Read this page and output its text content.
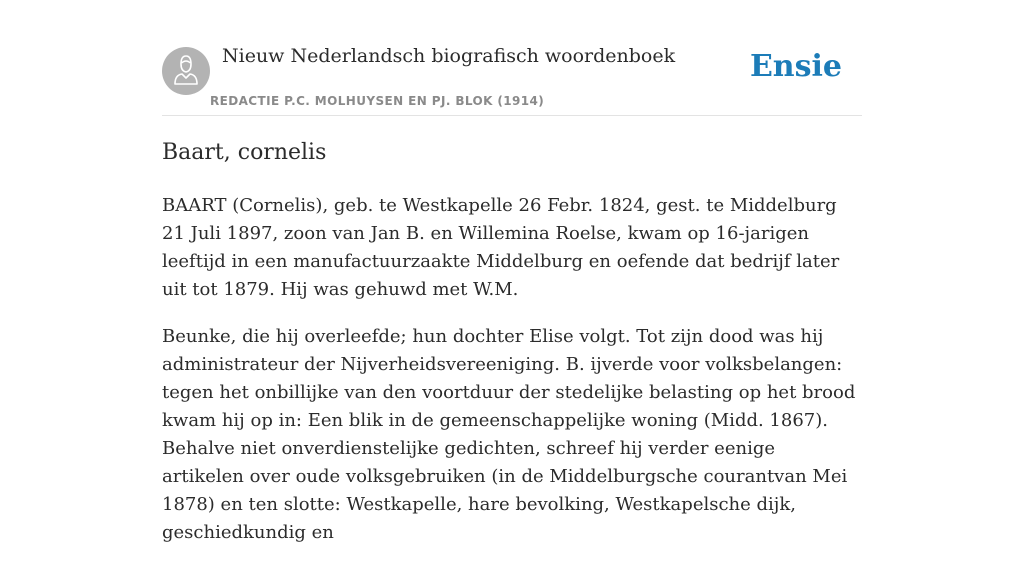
Nieuw Nederlandsch biografisch woordenboek
REDACTIE P.C. MOLHUYSEN EN PJ. BLOK (1914)
Ensie
Baart, cornelis

BAART (Cornelis), geb. te Westkapelle 26 Febr. 1824, gest. te Middelburg 21 Juli 1897, zoon van Jan B. en Willemina Roelse, kwam op 16-jarigen leeftijd in een manufactuurzaakte Middelburg en oefende dat bedrijf later uit tot 1879. Hij was gehuwd met W.M.

Beunke, die hij overleefde; hun dochter Elise volgt. Tot zijn dood was hij administrateur der Nijverheidsvereeniging. B. ijverde voor volksbelangen: tegen het onbillijke van den voortduur der stedelijke belasting op het brood kwam hij op in: Een blik in de gemeenschappelijke woning (Midd. 1867). Behalve niet onverdienstelijke gedichten, schreef hij verder eenige artikelen over oude volksgebruiken (in de Middelburgsche courantvan Mei 1878) en ten slotte: Westkapelle, hare bevolking, Westkapelsche dijk, geschiedkundig en
